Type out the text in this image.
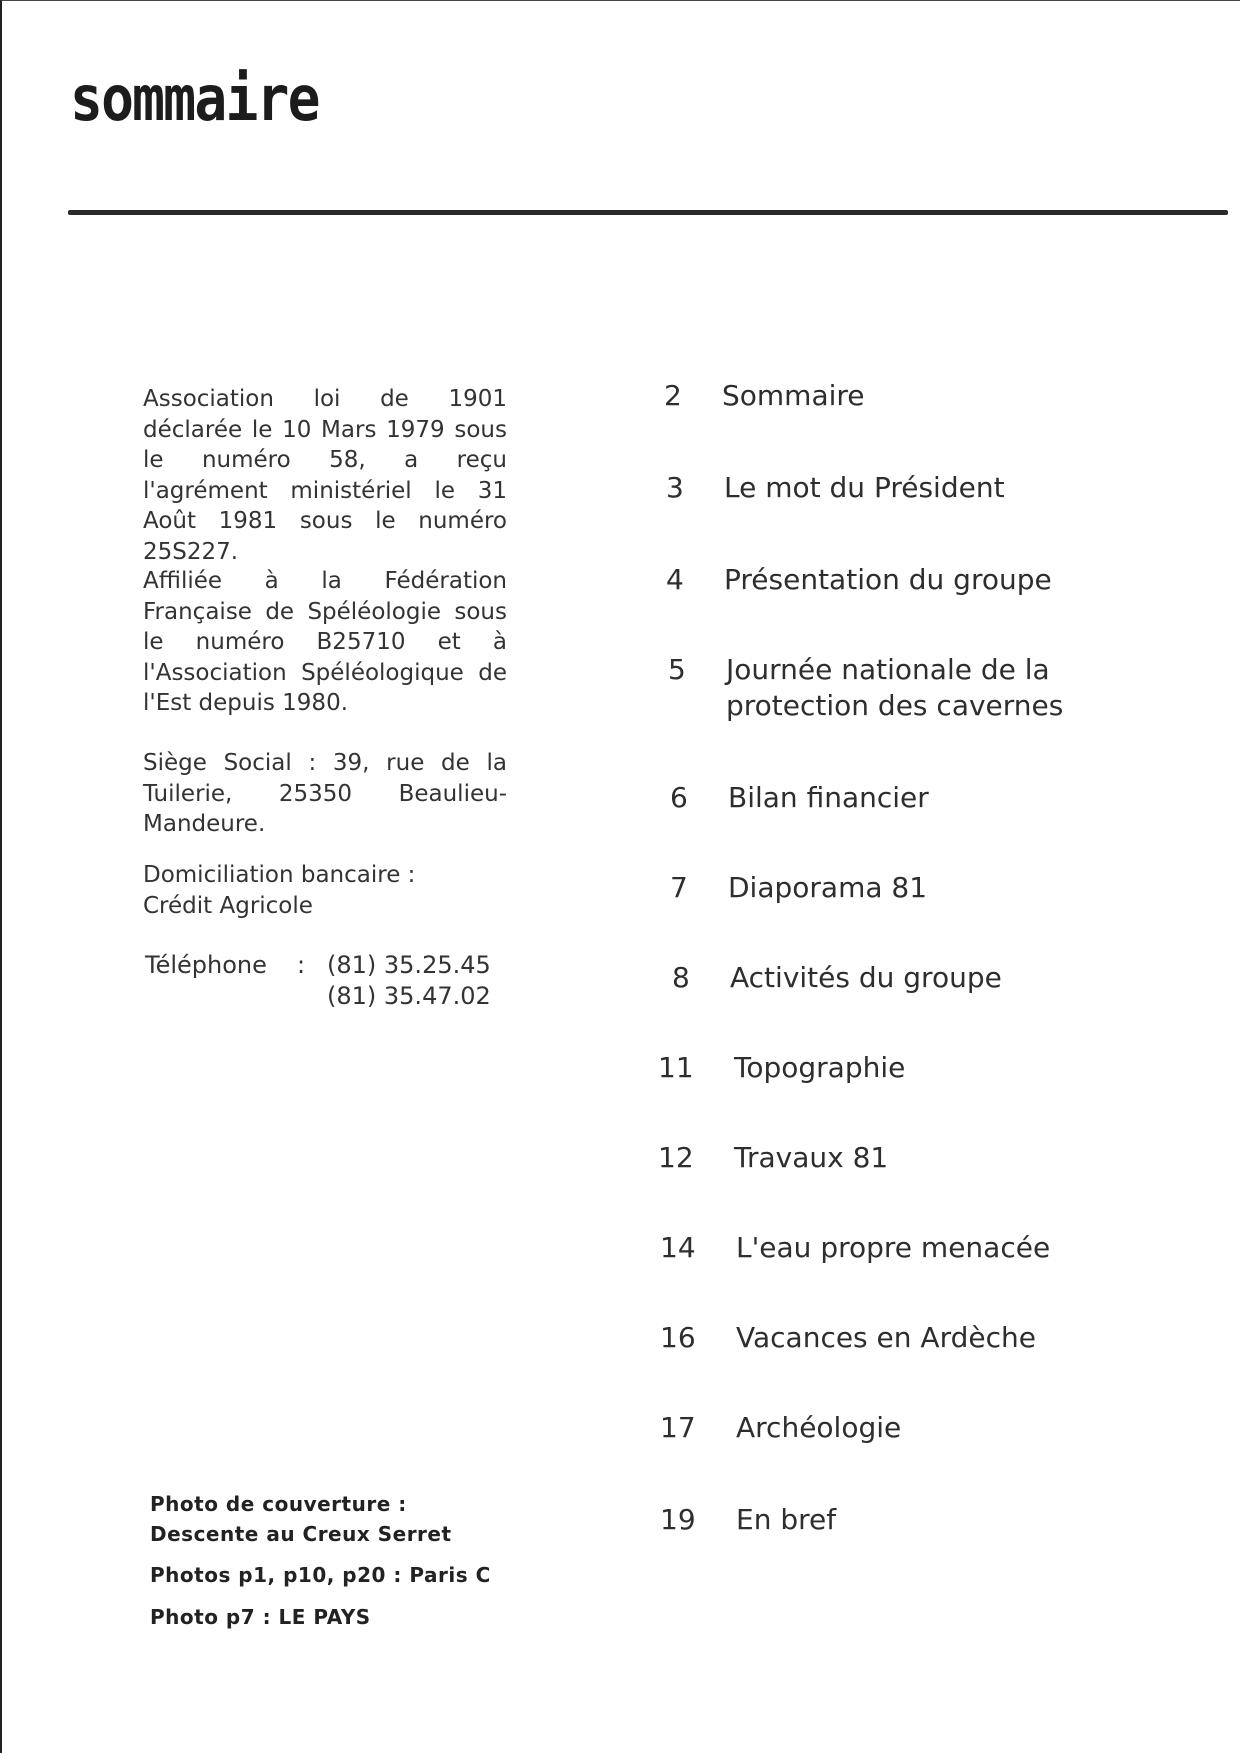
sommaire

Association loi de 1901 déclarée le 10 Mars 1979 sous le numéro 58, a reçu l'agrément ministériel le 31 Août 1981 sous le numéro 25S227.

Affiliée à la Fédération Française de Spéléologie sous le numéro B25710 et à l'Association Spéléologique de l'Est depuis 1980.

Siège Social : 39, rue de la Tuilerie, 25350 Beaulieu-Mandeure.

Domiciliation bancaire :
Crédit Agricole
Téléphone : (81) 35.25.45
(81) 35.47.02
Photo de couverture :
Descente au Creux Serret
Photos p1, p10, p20 : Paris C
Photo p7 : LE PAYS
2 Sommaire
3 Le mot du Président
4 Présentation du groupe
5 Journée nationale de la
protection des cavernes
6 Bilan financier
7 Diaporama 81
8 Activités du groupe
11 Topographie
12 Travaux 81
14 L'eau propre menacée
16 Vacances en Ardèche
17 Archéologie
19 En bref
